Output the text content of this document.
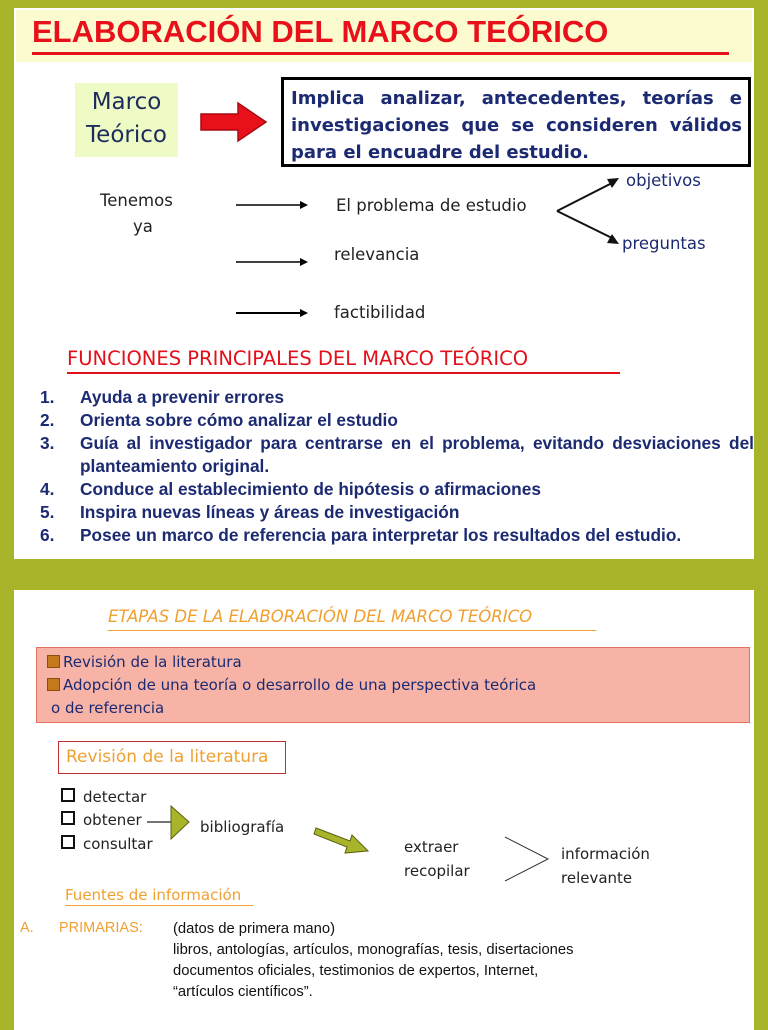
ELABORACIÓN DEL MARCO TEÓRICO
Marco
Teórico
Implica analizar, antecedentes, teorías e investigaciones que se consideren válidos para el encuadre del estudio.
Tenemos
ya
El problema de estudio
relevancia
factibilidad
objetivos
preguntas
FUNCIONES PRINCIPALES DEL MARCO TEÓRICO
1. Ayuda a prevenir errores
2. Orienta sobre cómo analizar el estudio
3. Guía al investigador para centrarse en el problema, evitando desviaciones del planteamiento original.
4. Conduce al establecimiento de hipótesis o afirmaciones
5. Inspira nuevas líneas y áreas de investigación
6. Posee un marco de referencia para interpretar los resultados del estudio.
ETAPAS DE LA ELABORACIÓN DEL MARCO TEÓRICO
Revisión de la literatura
Adopción de una teoría o desarrollo de una perspectiva teórica
o de referencia
Revisión de la literatura
detectar
obtener
consultar
bibliografía
extraer
recopilar
información
relevante
Fuentes de información
A. PRIMARIAS: (datos de primera mano)
libros, antologías, artículos, monografías, tesis, disertaciones
documentos oficiales, testimonios de expertos, Internet,
“artículos científicos”.
